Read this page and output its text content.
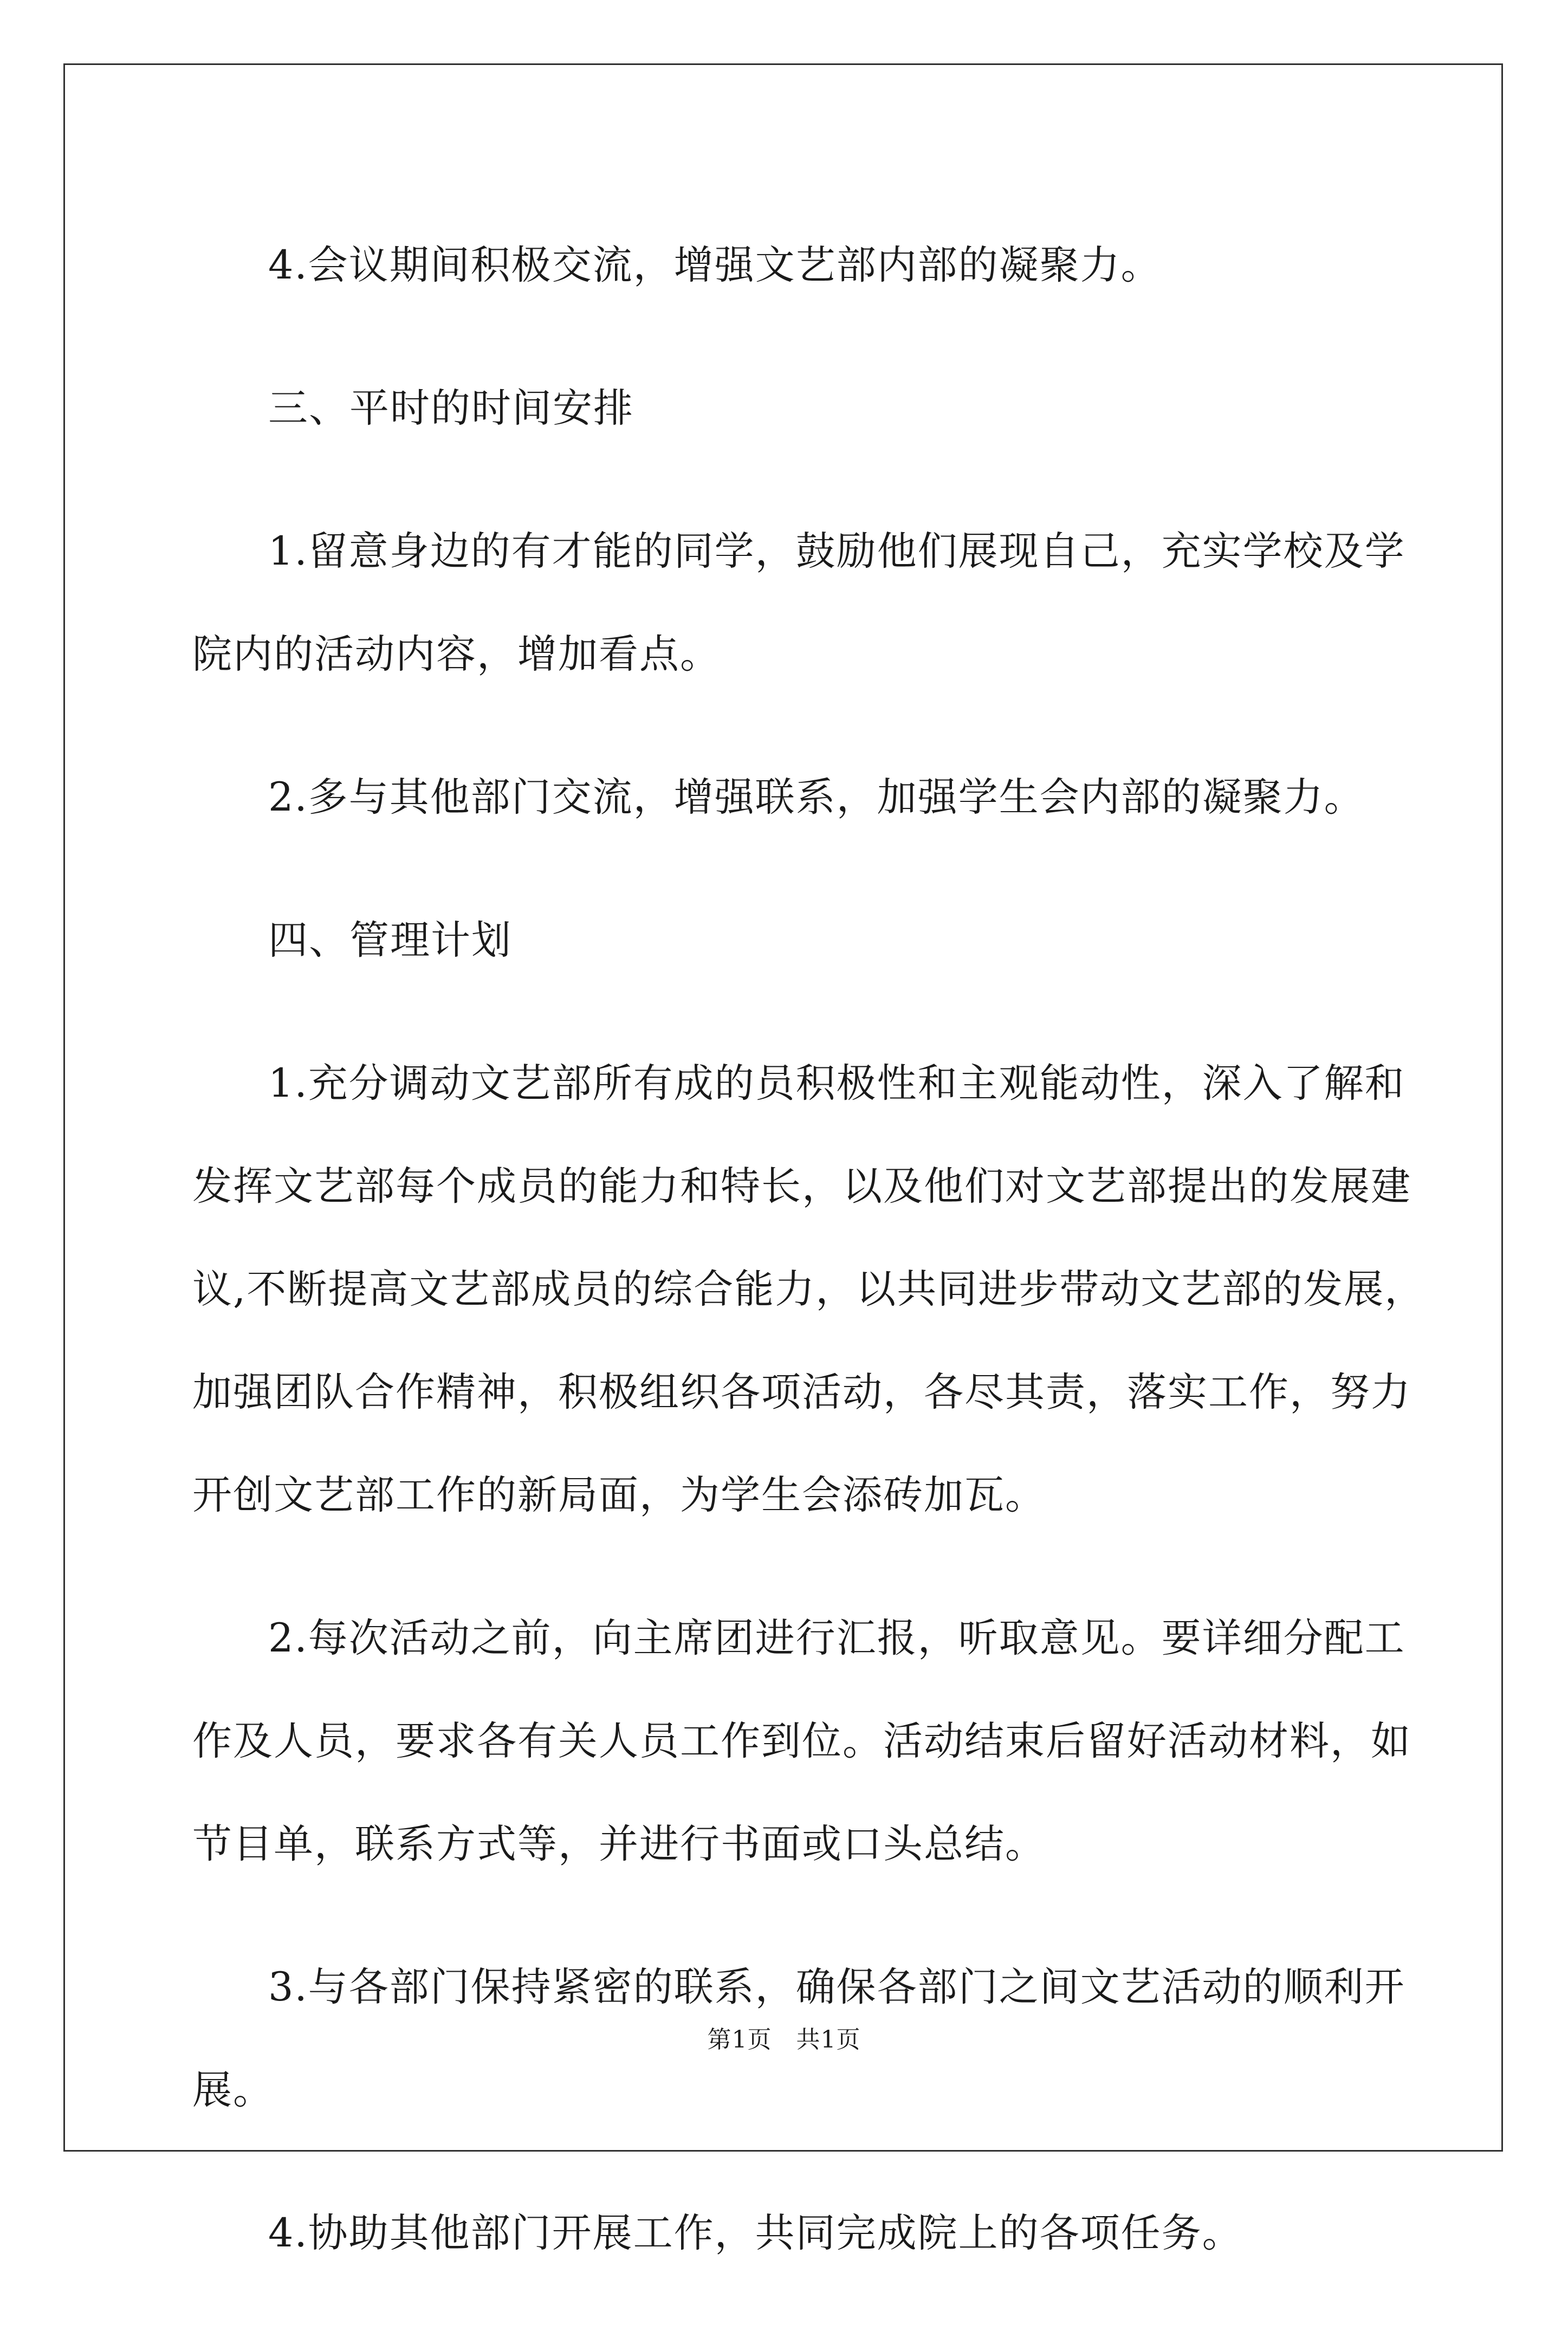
4.会议期间积极交流，增强文艺部内部的凝聚力。
三、平时的时间安排
1.留意身边的有才能的同学，鼓励他们展现自己，充实学校及学
院内的活动内容，增加看点。
2.多与其他部门交流，增强联系，加强学生会内部的凝聚力。
四、管理计划
1.充分调动文艺部所有成的员积极性和主观能动性，深入了解和
发挥文艺部每个成员的能力和特长，以及他们对文艺部提出的发展建
议,不断提高文艺部成员的综合能力，以共同进步带动文艺部的发展，
加强团队合作精神，积极组织各项活动，各尽其责，落实工作，努力
开创文艺部工作的新局面，为学生会添砖加瓦。
2.每次活动之前，向主席团进行汇报，听取意见。要详细分配工
作及人员，要求各有关人员工作到位。活动结束后留好活动材料，如
节目单，联系方式等，并进行书面或口头总结。
3.与各部门保持紧密的联系，确保各部门之间文艺活动的顺利开
展。
4.协助其他部门开展工作，共同完成院上的各项任务。
第1页　共1页
